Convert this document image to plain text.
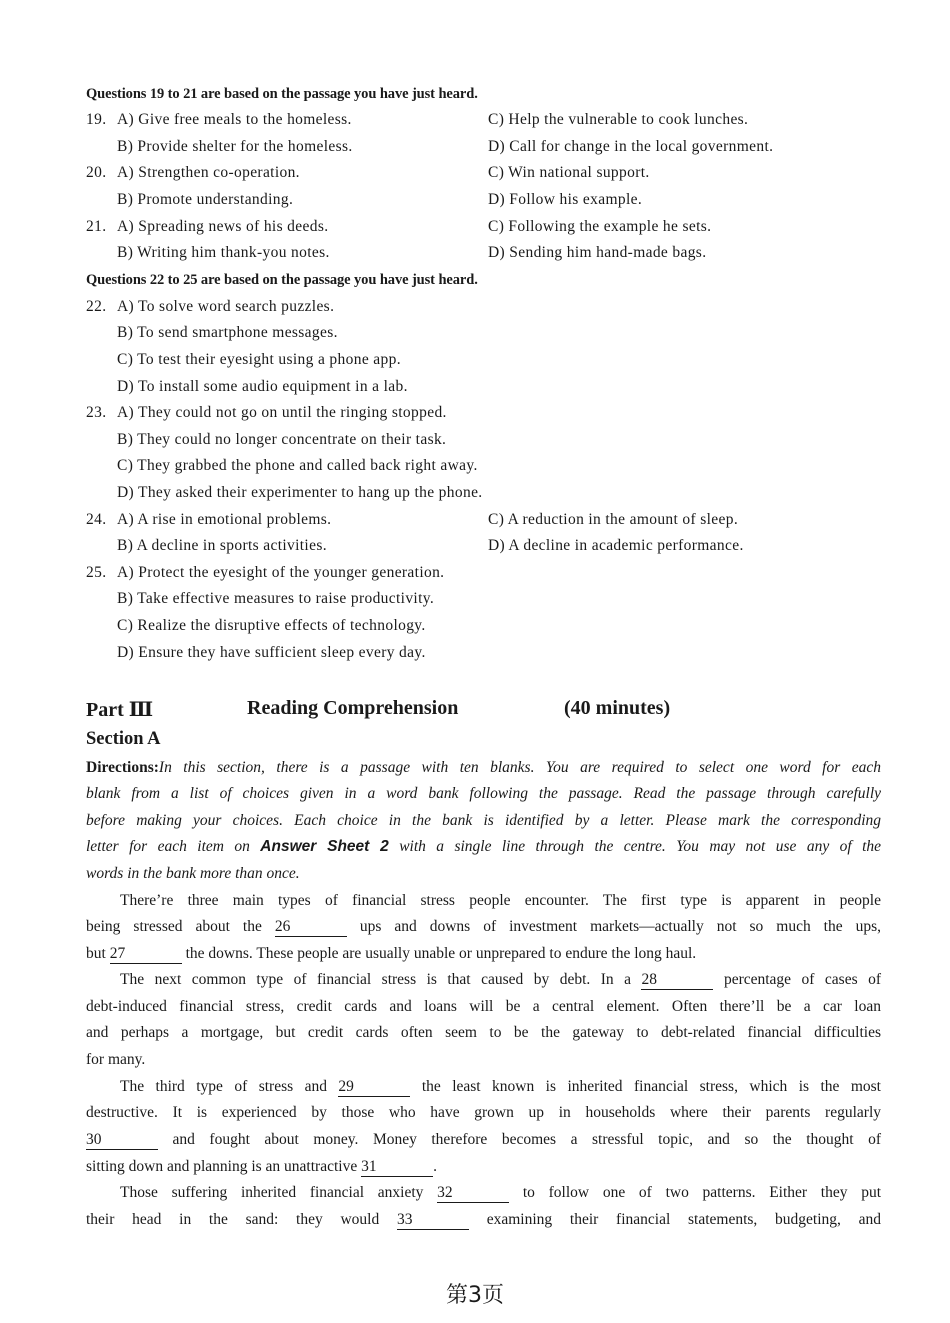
Questions 19 to 21 are based on the passage you have just heard.
19. A) Give free meals to the homeless.	C) Help the vulnerable to cook lunches.
B) Provide shelter for the homeless.	D) Call for change in the local government.
20. A) Strengthen co-operation.	C) Win national support.
B) Promote understanding.	D) Follow his example.
21. A) Spreading news of his deeds.	C) Following the example he sets.
B) Writing him thank-you notes.	D) Sending him hand-made bags.
Questions 22 to 25 are based on the passage you have just heard.
22. A) To solve word search puzzles.
B) To send smartphone messages.
C) To test their eyesight using a phone app.
D) To install some audio equipment in a lab.
23. A) They could not go on until the ringing stopped.
B) They could no longer concentrate on their task.
C) They grabbed the phone and called back right away.
D) They asked their experimenter to hang up the phone.
24. A) A rise in emotional problems.	C) A reduction in the amount of sleep.
B) A decline in sports activities.	D) A decline in academic performance.
25. A) Protect the eyesight of the younger generation.
B) Take effective measures to raise productivity.
C) Realize the disruptive effects of technology.
D) Ensure they have sufficient sleep every day.
Part Ⅲ	Reading Comprehension	(40 minutes)
Section A
Directions:In this section, there is a passage with ten blanks. You are required to select one word for each
blank from a list of choices given in a word bank following the passage. Read the passage through carefully
before making your choices. Each choice in the bank is identified by a letter. Please mark the corresponding
letter for each item on Answer Sheet 2 with a single line through the centre. You may not use any of the
words in the bank more than once.
There’re three main types of financial stress people encounter. The first type is apparent in people
being stressed about the 26	ups and downs of investment markets—actually not so much the ups,
but 27	the downs. These people are usually unable or unprepared to endure the long haul.
The next common type of financial stress is that caused by debt. In a 28	percentage of cases of
debt-induced financial stress, credit cards and loans will be a central element. Often there’ll be a car loan
and perhaps a mortgage, but credit cards often seem to be the gateway to debt-related financial difficulties
for many.
The third type of stress and 29	the least known is inherited financial stress, which is the most
destructive. It is experienced by those who have grown up in households where their parents regularly
30	and fought about money. Money therefore becomes a stressful topic, and so the thought of
sitting down and planning is an unattractive 31	.
Those suffering inherited financial anxiety 32	to follow one of two patterns. Either they put
their head in the sand: they would 33	examining their financial statements, budgeting, and
第3页
